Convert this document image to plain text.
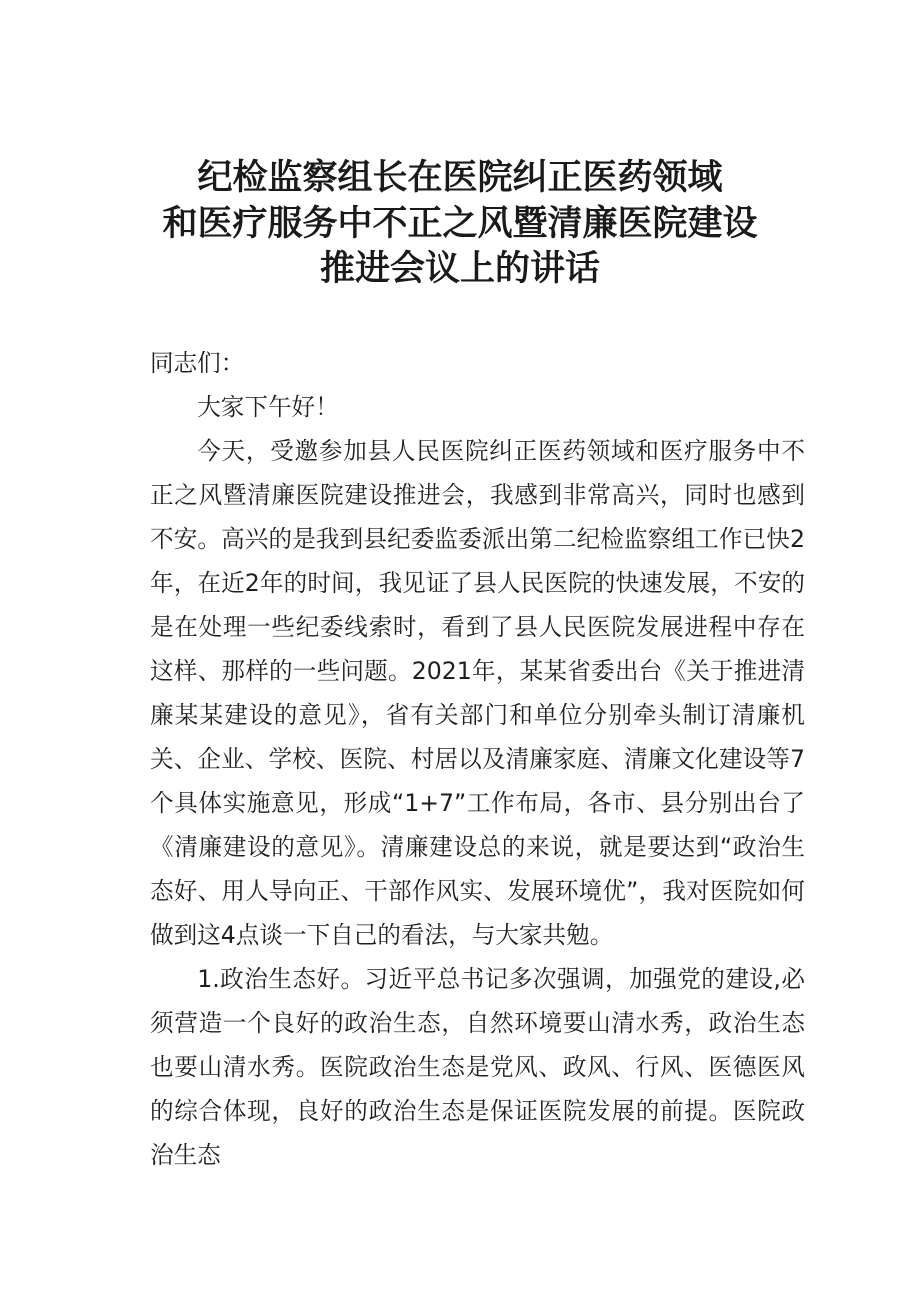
纪检监察组长在医院纠正医药领域
和医疗服务中不正之风暨清廉医院建设
推进会议上的讲话

同志们：

大家下午好！

今天，受邀参加县人民医院纠正医药领域和医疗服务中不正之风暨清廉医院建设推进会，我感到非常高兴，同时也感到不安。高兴的是我到县纪委监委派出第二纪检监察组工作已快2年，在近2年的时间，我见证了县人民医院的快速发展，不安的是在处理一些纪委线索时，看到了县人民医院发展进程中存在这样、那样的一些问题。2021年，某某省委出台《关于推进清廉某某建设的意见》，省有关部门和单位分别牵头制订清廉机关、企业、学校、医院、村居以及清廉家庭、清廉文化建设等7个具体实施意见，形成“1+7”工作布局，各市、县分别出台了《清廉建设的意见》。清廉建设总的来说，就是要达到“政治生态好、用人导向正、干部作风实、发展环境优”，我对医院如何做到这4点谈一下自己的看法，与大家共勉。

1.政治生态好。习近平总书记多次强调，加强党的建设,必须营造一个良好的政治生态，自然环境要山清水秀，政治生态也要山清水秀。医院政治生态是党风、政风、行风、医德医风的综合体现，良好的政治生态是保证医院发展的前提。医院政治生态
